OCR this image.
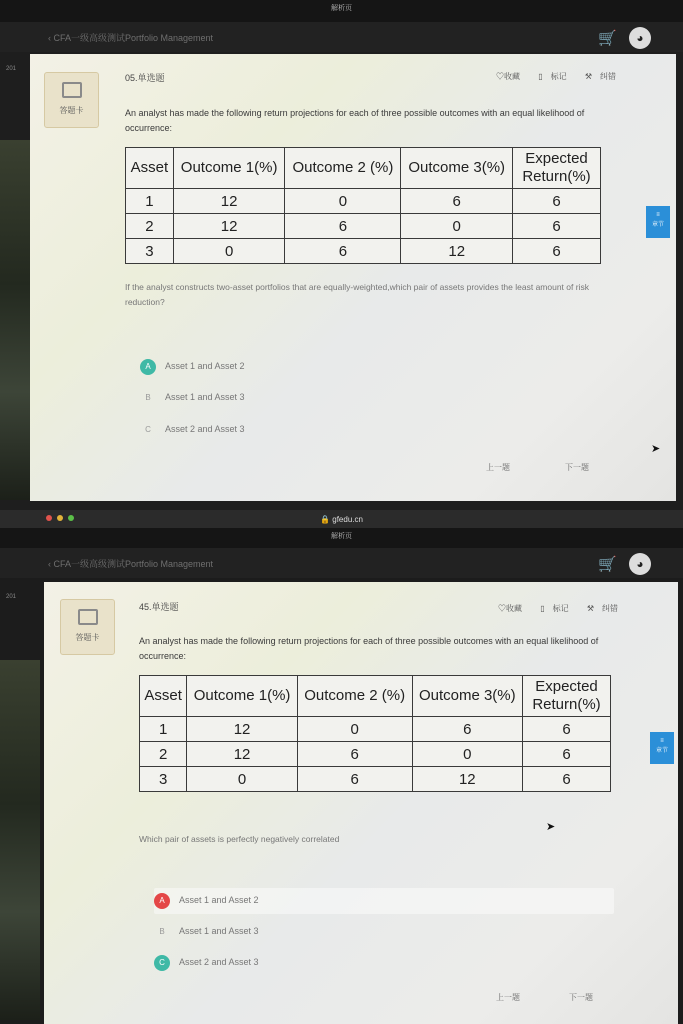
解析页
‹ CFA一级高级测试Portfolio Management	🛒	◕
201
答题卡
05.单选题	♡收藏 ▯ 标记 ⚒ 纠错
An analyst has made the following return projections for each of three possible outcomes with an equal likelihood of occurrence:
Asset	Outcome 1(%)	Outcome 2 (%)	Outcome 3(%)	Expected Return(%)
1	12	0	6	6
2	12	6	0	6
3	0	6	12	6
If the analyst constructs two-asset portfolios that are equally-weighted,which pair of assets provides the least amount of risk reduction?
A Asset 1 and Asset 2
B Asset 1 and Asset 3
C Asset 2 and Asset 3
上一题	下一题
➤
≡
章节
🔒 gfedu.cn
解析页
‹ CFA一级高级测试Portfolio Management	🛒	◕
201
答题卡
45.单选题	♡收藏 ▯ 标记 ⚒ 纠错
An analyst has made the following return projections for each of three possible outcomes with an equal likelihood of occurrence:
Asset	Outcome 1(%)	Outcome 2 (%)	Outcome 3(%)	Expected Return(%)
1	12	0	6	6
2	12	6	0	6
3	0	6	12	6
Which pair of assets is perfectly negatively correlated
A Asset 1 and Asset 2
B Asset 1 and Asset 3
C Asset 2 and Asset 3
上一题	下一题
➤
≡
章节
